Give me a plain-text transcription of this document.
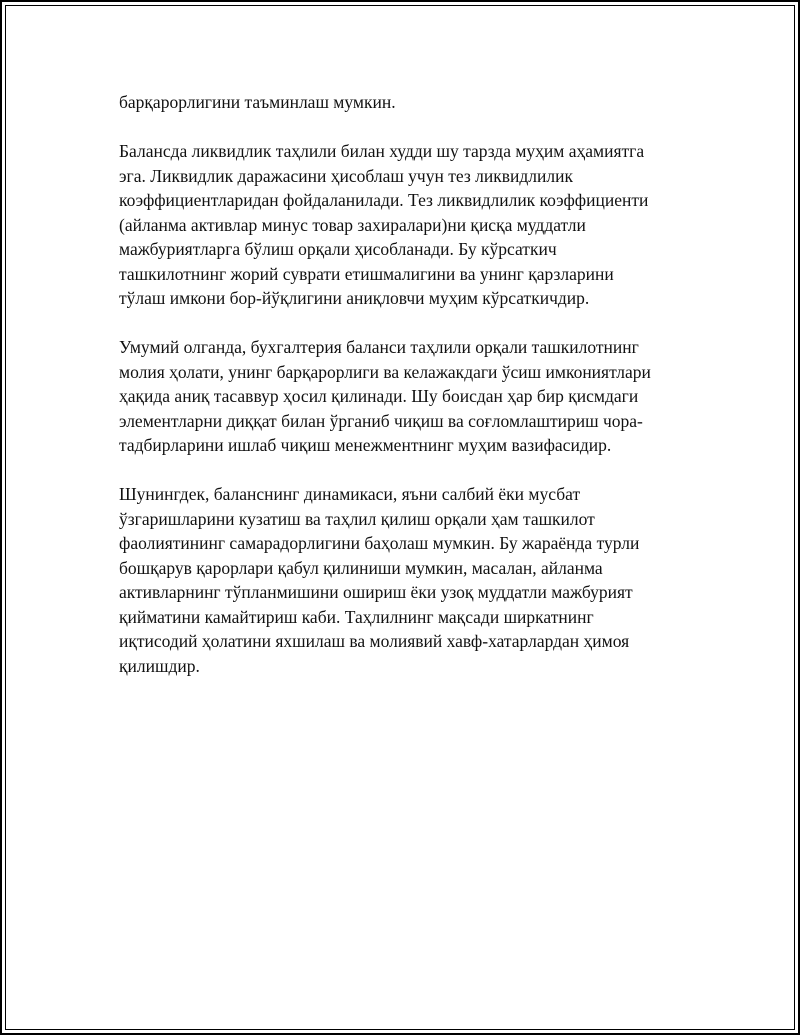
барқарорлигини таъминлаш мумкин.

Балансда ликвидлик таҳлили билан худди шу тарзда муҳим аҳамиятга
эга. Ликвидлик даражасини ҳисоблаш учун тез ликвидлилик
коэффициентларидан фойдаланилади. Тез ликвидлилик коэффициенти
(айланма активлар минус товар захиралари)ни қисқа муддатли
мажбуриятларга бўлиш орқали ҳисобланади. Бу кўрсаткич
ташкилотнинг жорий суврати етишмалигини ва унинг қарзларини
тўлаш имкони бор-йўқлигини аниқловчи муҳим кўрсаткичдир.

Умумий олганда, бухгалтерия баланси таҳлили орқали ташкилотнинг
молия ҳолати, унинг барқарорлиги ва келажакдаги ўсиш имкониятлари
ҳақида аниқ тасаввур ҳосил қилинади. Шу боисдан ҳар бир қисмдаги
элементларни диққат билан ўрганиб чиқиш ва соғломлаштириш чора-
тадбирларини ишлаб чиқиш менежментнинг муҳим вазифасидир.

Шунингдек, баланснинг динамикаси, яъни салбий ёки мусбат
ўзгаришларини кузатиш ва таҳлил қилиш орқали ҳам ташкилот
фаолиятининг самарадорлигини баҳолаш мумкин. Бу жараёнда турли
бошқарув қарорлари қабул қилиниши мумкин, масалан, айланма
активларнинг тўпланмишини ошириш ёки узоқ муддатли мажбурият
қийматини камайтириш каби. Таҳлилнинг мақсади ширкатнинг
иқтисодий ҳолатини яхшилаш ва молиявий хавф-хатарлардан ҳимоя
қилишдир.
